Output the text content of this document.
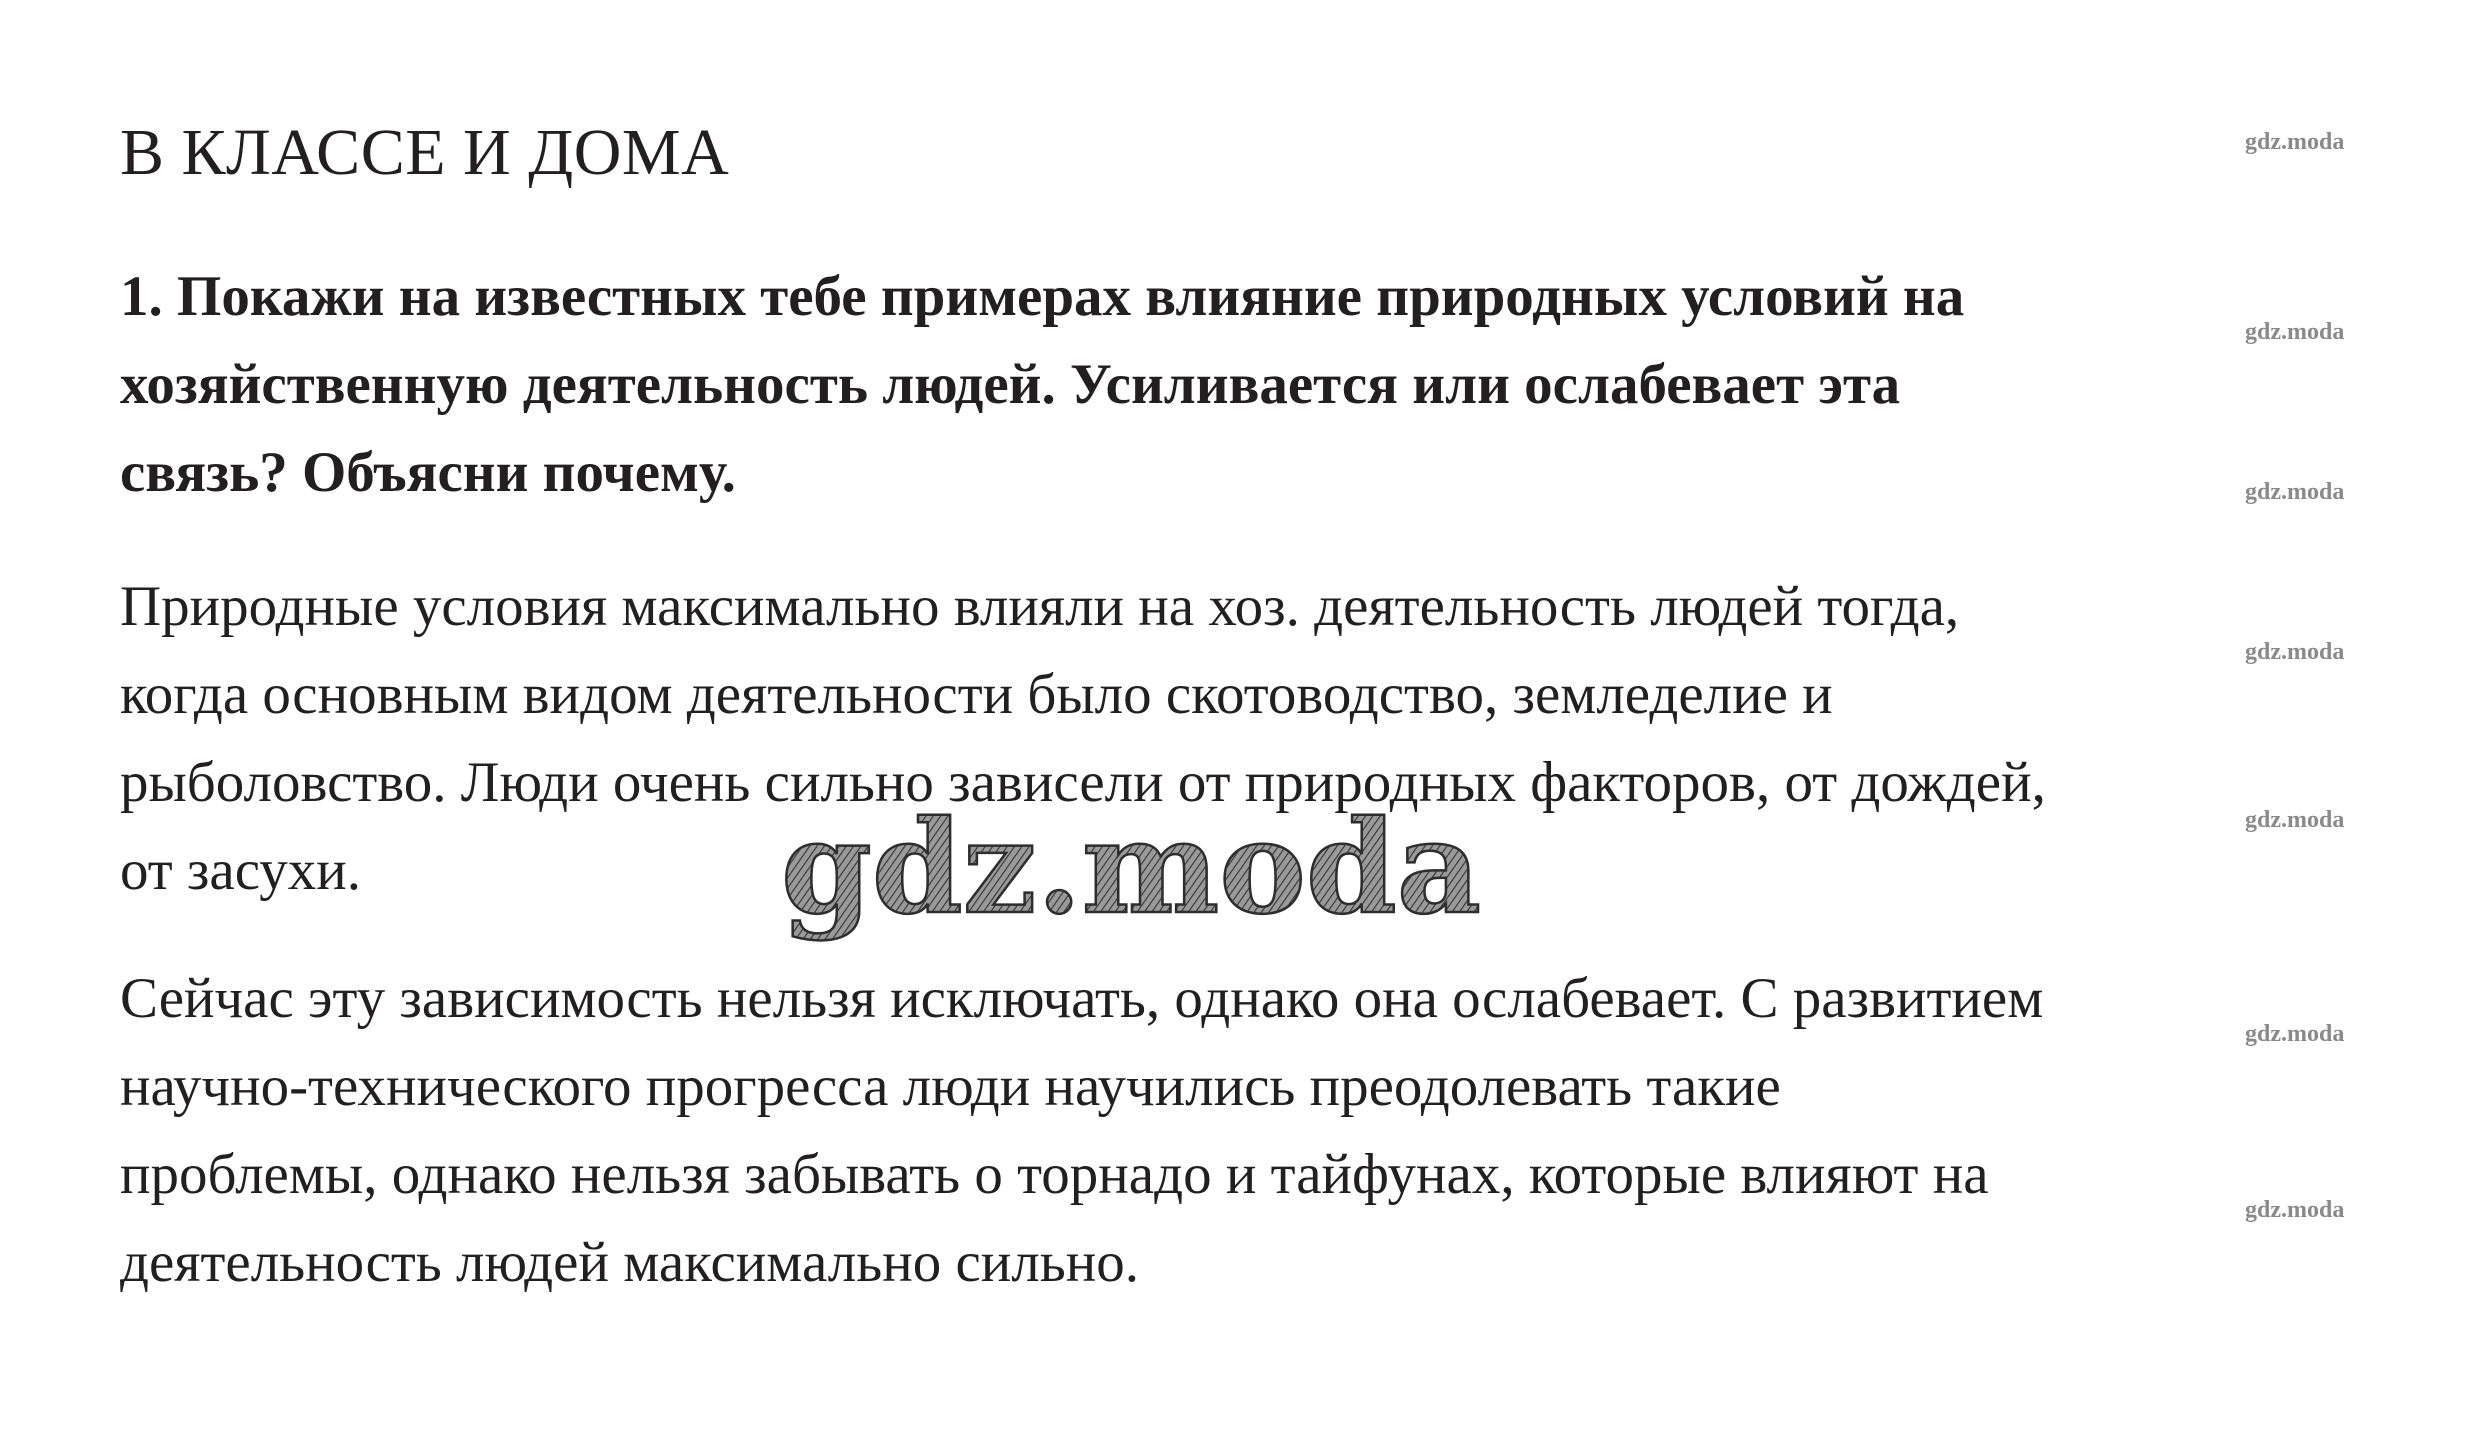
В КЛАССЕ И ДОМА
1. Покажи на известных тебе примерах влияние природных условий на
хозяйственную деятельность людей. Усиливается или ослабевает эта
связь? Объясни почему.
Природные условия максимально влияли на хоз. деятельность людей тогда,
когда основным видом деятельности было скотоводство, земледелие и
рыболовство. Люди очень сильно зависели от природных факторов, от дождей,
от засухи.
Сейчас эту зависимость нельзя исключать, однако она ослабевает. С развитием
научно-технического прогресса люди научились преодолевать такие
проблемы, однако нельзя забывать о торнадо и тайфунах, которые влияют на
деятельность людей максимально сильно.
gdz.moda
gdz.moda
gdz.moda
gdz.moda
gdz.moda
gdz.moda
gdz.moda
gdz.moda
